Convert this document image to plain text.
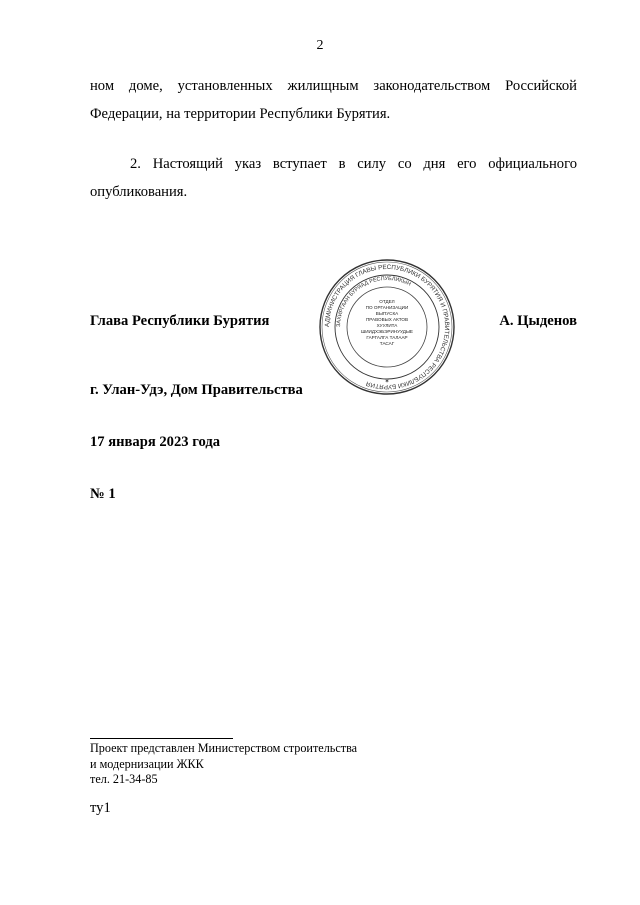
2
ном доме, установленных жилищным законодательством Российской Федерации, на территории Республики Бурятия.
2. Настоящий указ вступает в силу со дня его официального опубликования.
Глава Республики Бурятия	А. Цыденов
АДМИНИСТРАЦИЯ ГЛАВЫ РЕСПУБЛИКИ БУРЯТИЯ И ПРАВИТЕЛЬСТВА РЕСПУБЛИКИ БУРЯТИЯ
ЗАХИРГААН БУРЯАД РЕСПУБЛИКЫН
ОТДЕЛ
ПО ОРГАНИЗАЦИИ
ВЫПУСКА
ПРАВОВЫХ АКТОВ
ХУУЛИТА
ШИИДХЭБЭРИНУУДЫЕ
ГАРГАЛГА ТАЛААР
ТАСАГ
✶
г. Улан-Удэ, Дом Правительства
17 января 2023 года
№ 1
Проект представлен Министерством строительства
и модернизации ЖКК
тел. 21-34-85
ту1
